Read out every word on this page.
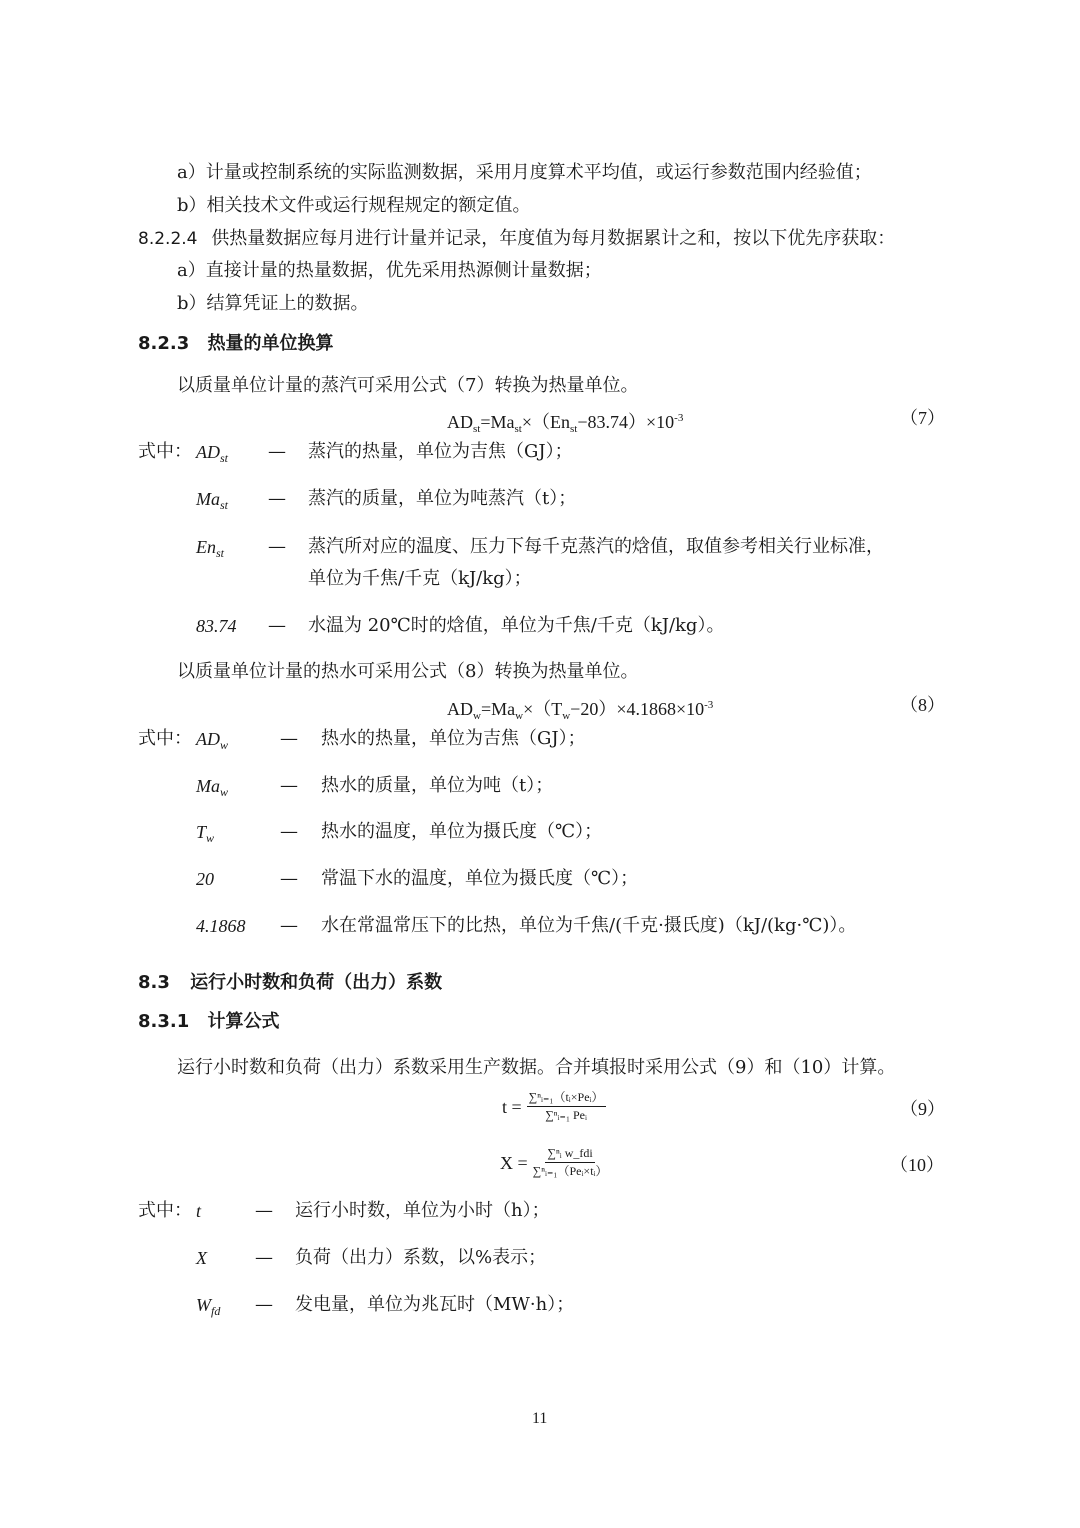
a）计量或控制系统的实际监测数据，采用月度算术平均值，或运行参数范围内经验值；
b）相关技术文件或运行规程规定的额定值。
8.2.2.4 供热量数据应每月进行计量并记录，年度值为每月数据累计之和，按以下优先序获取：
a）直接计量的热量数据，优先采用热源侧计量数据；
b）结算凭证上的数据。
8.2.3 热量的单位换算
以质量单位计量的蒸汽可采用公式（7）转换为热量单位。
$AD_{st}=Ma_{st}\times(En_{st}-83.74)\times 10^{-3}$	（7）
式中： $AD_{st}$ — 蒸汽的热量，单位为吉焦（GJ）；
$Ma_{st}$ — 蒸汽的质量，单位为吨蒸汽（t）；
$En_{st}$ — 蒸汽所对应的温度、压力下每千克蒸汽的焓值，取值参考相关行业标准，
单位为千焦/千克（kJ/kg）；
83.74 — 水温为 20℃时的焓值，单位为千焦/千克（kJ/kg）。
以质量单位计量的热水可采用公式（8）转换为热量单位。
$AD_w=Ma_w\times(T_w-20)\times 4.1868\times 10^{-3}$	（8）
式中： $AD_w$	— 热水的热量，单位为吉焦（GJ）；
$Ma_w$	— 热水的质量，单位为吨（t）；
$T_w$	— 热水的温度，单位为摄氏度（℃）；
20	— 常温下水的温度，单位为摄氏度（℃）；
4.1868 — 水在常温常压下的比热，单位为千焦/(千克·摄氏度)（kJ/(kg·℃)）。
8.3 运行小时数和负荷（出力）系数
8.3.1 计算公式
运行小时数和负荷（出力）系数采用生产数据。合并填报时采用公式（9）和（10）计算。
$t = \frac{\text{∑ⁿᵢ₌₁（tᵢ×Peᵢ）}}{\text{∑ⁿᵢ₌₁ Peᵢ}}$	（9）
$X = \frac{\text{∑ⁿᵢ w\_fdi}}{\text{∑ⁿᵢ₌₁（Peᵢ×tᵢ）}}$	（10）
式中： t	— 运行小时数，单位为小时（h）；
X	— 负荷（出力）系数，以%表示；
$W_{fd}$ — 发电量，单位为兆瓦时（MW·h）；
11
